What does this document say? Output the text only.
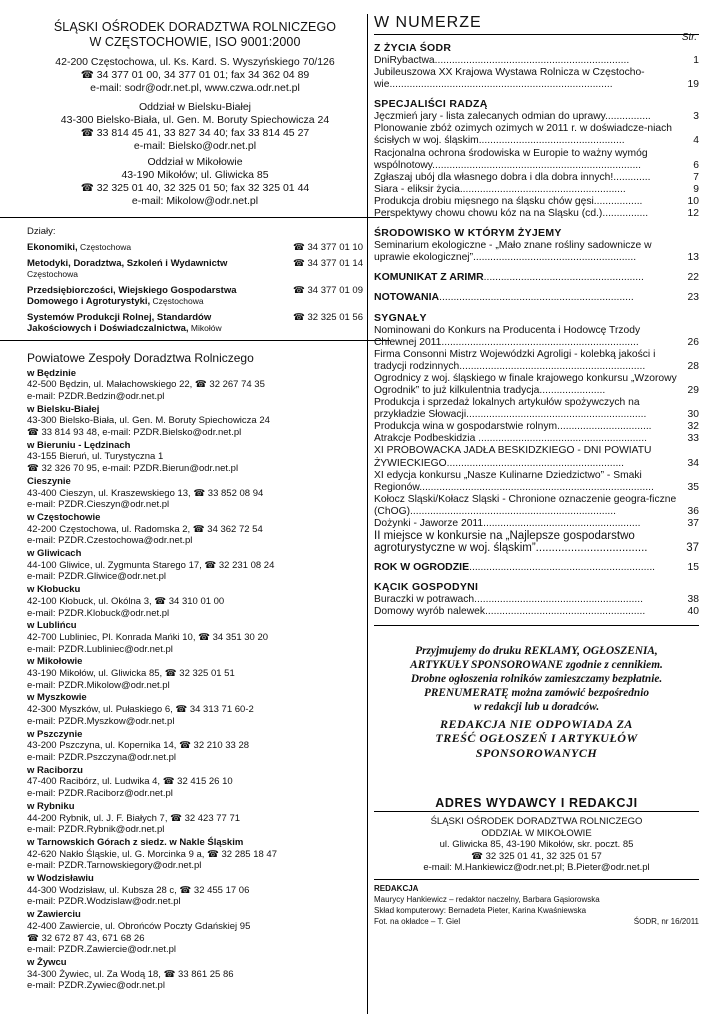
ŚLĄSKI OŚRODEK DORADZTWA ROLNICZEGO
W CZĘSTOCHOWIE, ISO 9001:2000
42-200 Częstochowa, ul. Ks. Kard. S. Wyszyńskiego 70/126
☎ 34 377 01 00, 34 377 01 01; fax 34 362 04 89
e-mail: sodr@odr.net.pl, www.czwa.odr.net.pl
Oddział w Bielsku-Białej
43-300 Bielsko-Biała, ul. Gen. M. Boruty Spiechowicza 24
☎ 33 814 45 41, 33 827 34 40; fax 33 814 45 27
e-mail: Bielsko@odr.net.pl
Oddział w Mikołowie
43-190 Mikołów; ul. Gliwicka 85
☎ 32 325 01 40, 32 325 01 50; fax 32 325 01 44
e-mail: Mikolow@odr.net.pl
Działy:
Ekonomiki, Częstochowa	☎ 34 377 01 10
Metodyki, Doradztwa, Szkoleń i Wydawnictw
Częstochowa
☎ 34 377 01 14
Przedsiębiorczości, Wiejskiego Gospodarstwa Domowego i Agroturystyki, Częstochowa
☎ 34 377 01 09
Systemów Produkcji Rolnej, Standardów Jakościowych i Doświadczalnictwa, Mikołów
☎ 32 325 01 56
Powiatowe Zespoły Doradztwa Rolniczego
w Będzinie
42-500 Będzin, ul. Małachowskiego 22, ☎ 32 267 74 35
e-mail: PZDR.Bedzin@odr.net.pl
w Bielsku-Białej
43-300 Bielsko-Biała, ul. Gen. M. Boruty Spiechowicza 24
☎ 33 814 93 48, e-mail: PZDR.Bielsko@odr.net.pl
w Bieruniu - Lędzinach
43-155 Bieruń, ul. Turystyczna 1
☎ 32 326 70 95, e-mail: PZDR.Bierun@odr.net.pl
Cieszynie
43-400 Cieszyn, ul. Kraszewskiego 13, ☎ 33 852 08 94
e-mail: PZDR.Cieszyn@odr.net.pl
w Częstochowie
42-200 Częstochowa, ul. Radomska 2, ☎ 34 362 72 54
e-mail: PZDR.Czestochowa@odr.net.pl
w Gliwicach
44-100 Gliwice, ul. Zygmunta Starego 17, ☎ 32 231 08 24
e-mail: PZDR.Gliwice@odr.net.pl
w Kłobucku
42-100 Kłobuck, ul. Okólna 3, ☎ 34 310 01 00
e-mail: PZDR.Klobuck@odr.net.pl
w Lublińcu
42-700 Lubliniec, Pl. Konrada Mańki 10, ☎ 34 351 30 20
e-mail: PZDR.Lubliniec@odr.net.pl
w Mikołowie
43-190 Mikołów, ul. Gliwicka 85, ☎ 32 325 01 51
e-mail: PZDR.Mikolow@odr.net.pl
w Myszkowie
42-300 Myszków, ul. Pułaskiego 6, ☎ 34 313 71 60-2
e-mail: PZDR.Myszkow@odr.net.pl
w Pszczynie
43-200 Pszczyna, ul. Kopernika 14, ☎ 32 210 33 28
e-mail: PZDR.Pszczyna@odr.net.pl
w Raciborzu
47-400 Racibórz, ul. Ludwika 4, ☎ 32 415 26 10
e-mail: PZDR.Raciborz@odr.net.pl
w Rybniku
44-200 Rybnik, ul. J. F. Białych 7, ☎ 32 423 77 71
e-mail: PZDR.Rybnik@odr.net.pl
w Tarnowskich Górach z siedz. w Nakle Śląskim
42-620 Nakło Śląskie, ul. G. Morcinka 9 a, ☎ 32 285 18 47
e-mail: PZDR.Tarnowskiegory@odr.net.pl
w Wodzisławiu
44-300 Wodzisław, ul. Kubsza 28 c, ☎ 32 455 17 06
e-mail: PZDR.Wodzislaw@odr.net.pl
w Zawierciu
42-400 Zawiercie, ul. Obrońców Poczty Gdańskiej 95
☎ 32 672 87 43, 671 68 26
e-mail: PZDR.Zawiercie@odr.net.pl
w Żywcu
34-300 Żywiec, ul. Za Wodą 18, ☎ 33 861 25 86
e-mail: PZDR.Zywiec@odr.net.pl
W NUMERZE
Str.
Z ŻYCIA ŚODR
DniRybactwa....................................................................	1
Jubileuszowa XX Krajowa Wystawa Rolnicza w Częstocho-wie..............................................................................	19
SPECJALIŚCI RADZĄ
Jęczmień jary - lista zalecanych odmian do uprawy................	3
Plonowanie zbóż ozimych ozimych w 2011 r. w doświadcze-niach ścisłych w woj. śląskim...................................................	4
Racjonalna ochrona środowiska w Europie to ważny wymóg wspólnotowy.........................................................................	6
Zgłaszaj ubój dla własnego dobra i dla dobra innych!.............	7
Siara - eliksir życia..........................................................	9
Produkcja drobiu mięsnego na śląsku chów gęsi.................	10
Perspektywy chowu chowu kóz na na Śląsku (cd.)................	12
ŚRODOWISKO W KTÓRYM ŻYJEMY
Seminarium ekologiczne - „Mało znane rośliny sadownicze w uprawie ekologicznej”.........................................................	13
KOMUNIKAT Z ARIMR........................................................	22
NOTOWANIA....................................................................	23
SYGNAŁY
Nominowani do Konkurs na Producenta i Hodowcę Trzody Chlewnej 2011.....................................................................	26
Firma Consonni Mistrz Wojewódzki Agroligi - kolebką jakości i tradycji rodzinnych.................................................................	28
Ogrodnicy z woj. śląskiego w finale krajowego konkursu „Wzorowy Ogrodnik” to już kilkulentnia tradycja.......................	29
Produkcja i sprzedaż lokalnych artykułów spożywczych na przykładzie Słowacji...............................................................	30
Produkcja wina w gospodarstwie rolnym.................................	32
Atrakcje Podbeskidzia ...........................................................	33
XI PRÓBOWACKA JADŁA BESKIDZKIEGO - DNI POWIATU ŻYWIECKIEGO..............................................................	34
XI edycja konkursu „Nasze Kulinarne Dziedzictwo” - Smaki Regionów..................................................................................	35
Kołocz Śląski/Kołacz Śląski - Chronione oznaczenie geogra-ficzne (ChOG)........................................................................	36
Dożynki - Jaworze 2011.......................................................	37
II miejsce w konkursie na „Najlepsze gospodarstwo agroturystyczne w woj. śląskim”...................................	37
ROK W OGRODZIE.................................................................	15
KĄCIK GOSPODYNI
Buraczki w potrawach...........................................................	38
Domowy wyrób nalewek........................................................	40
Przyjmujemy do druku REKLAMY, OGŁOSZENIA,
ARTYKUŁY SPONSOROWANE zgodnie z cennikiem.
Drobne ogłoszenia rolników zamieszczamy bezpłatnie.
PRENUMERATĘ można zamówić bezpośrednio
w redakcji lub u doradców.
REDAKCJA NIE ODPOWIADA ZA
TREŚĆ OGŁOSZEŃ I ARTYKUŁÓW
SPONSOROWANYCH
ADRES WYDAWCY I REDAKCJI
ŚLĄSKI OŚRODEK DORADZTWA ROLNICZEGO
ODDZIAŁ W MIKOŁOWIE
ul. Gliwicka 85, 43-190 Mikołów, skr. poczt. 85
☎ 32 325 01 41, 32 325 01 57
e-mail: M.Hankiewicz@odr.net.pl; B.Pieter@odr.net.pl
REDAKCJA
Maurycy Hankiewicz – redaktor naczelny, Barbara Gąsiorowska
Skład komputerowy: Bernadeta Pieter, Karina Kwaśniewska
Fot. na okładce – T. Giel	ŚODR, nr 16/2011
